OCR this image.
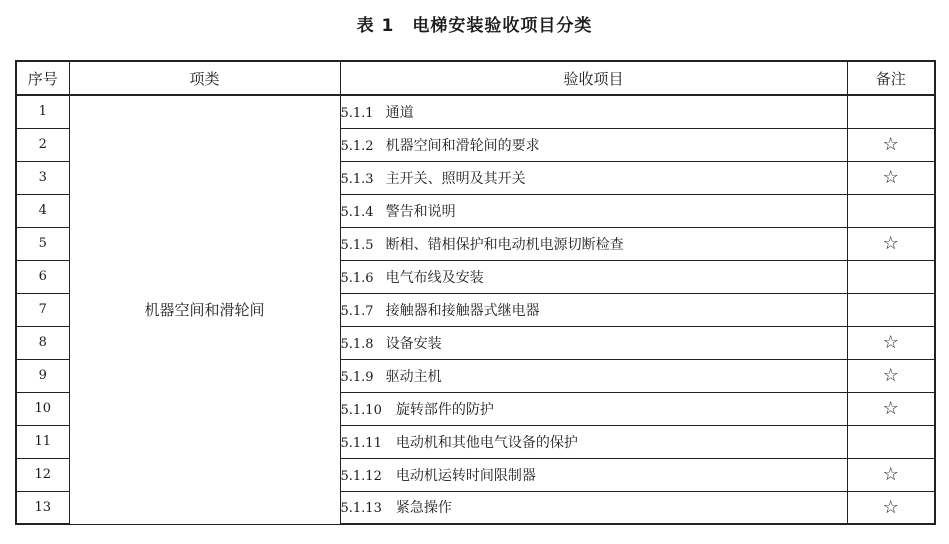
表 1 电梯安装验收项目分类
序号	项类	验收项目	备注
1	机器空间和滑轮间	5.1.1 通道	
2		5.1.2 机器空间和滑轮间的要求	☆
3		5.1.3 主开关、照明及其开关	☆
4		5.1.4 警告和说明	
5		5.1.5 断相、错相保护和电动机电源切断检查	☆
6		5.1.6 电气布线及安装	
7		5.1.7 接触器和接触器式继电器	
8		5.1.8 设备安装	☆
9		5.1.9 驱动主机	☆
10		5.1.10 旋转部件的防护	☆
11		5.1.11 电动机和其他电气设备的保护	
12		5.1.12 电动机运转时间限制器	☆
13		5.1.13 紧急操作	☆
